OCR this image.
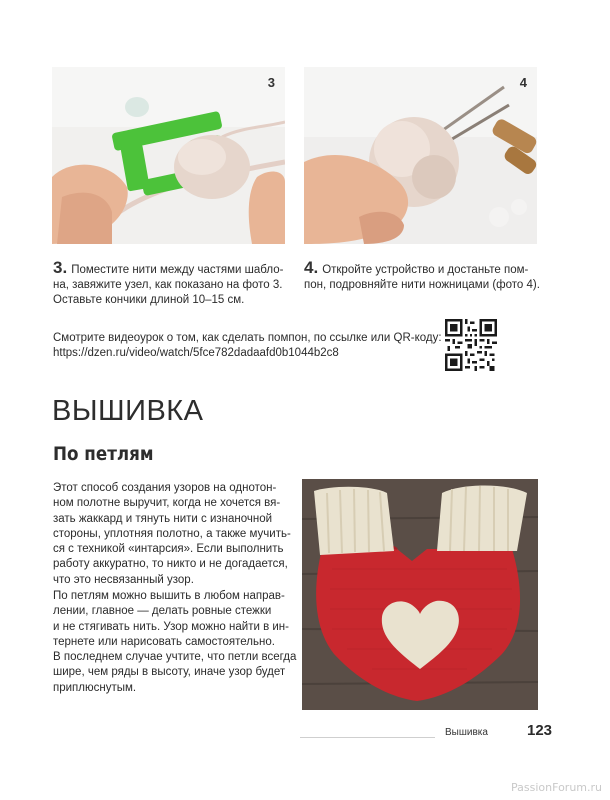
3	4
3. Поместите нити между частями шабло-
на, завяжите узел, как показано на фото 3.
Оставьте кончики длиной 10–15 см.
4. Откройте устройство и достаньте пом-
пон, подровняйте нити ножницами (фото 4).
Смотрите видеоурок о том, как сделать помпон, по ссылке или QR-коду:
https://dzen.ru/video/watch/5fce782dadaafd0b1044b2c8
ВЫШИВКА
По петлям
Этот способ создания узоров на однотон-
ном полотне выручит, когда не хочется вя-
зать жаккард и тянуть нити с изнаночной
стороны, уплотняя полотно, а также мучить-
ся с техникой «интарсия». Если выполнить
работу аккуратно, то никто и не догадается,
что это несвязанный узор.
По петлям можно вышить в любом направ-
лении, главное — делать ровные стежки
и не стягивать нить. Узор можно найти в ин-
тернете или нарисовать самостоятельно.
В последнем случае учтите, что петли всегда
шире, чем ряды в высоту, иначе узор будет
приплюснутым.
Вышивка	123
PassionForum.ru
